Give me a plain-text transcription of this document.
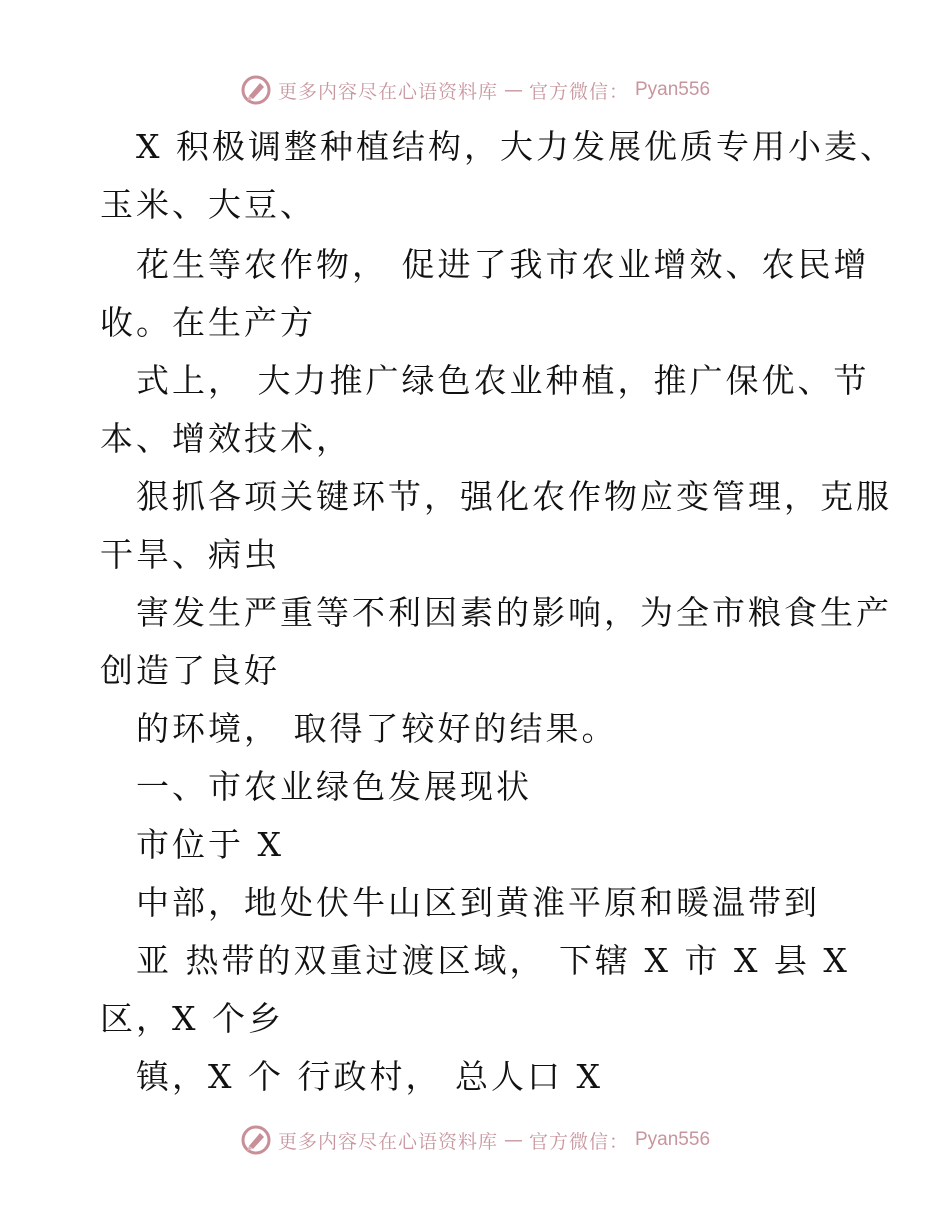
更多内容尽在心语资料库 — 官方微信： Pyan556
X 积极调整种植结构，大力发展优质专用小麦、
玉米、大豆、
花生等农作物， 促进了我市农业增效、农民增
收。在生产方
式上， 大力推广绿色农业种植，推广保优、节
本、增效技术，
狠抓各项关键环节，强化农作物应变管理，克服
干旱、病虫
害发生严重等不利因素的影响，为全市粮食生产
创造了良好
的环境， 取得了较好的结果。
一、市农业绿色发展现状
市位于 X
中部，地处伏牛山区到黄淮平原和暖温带到
亚 热带的双重过渡区域， 下辖 X 市 X 县 X
区，X 个乡
镇，X 个 行政村， 总人口 X
更多内容尽在心语资料库 — 官方微信： Pyan556
